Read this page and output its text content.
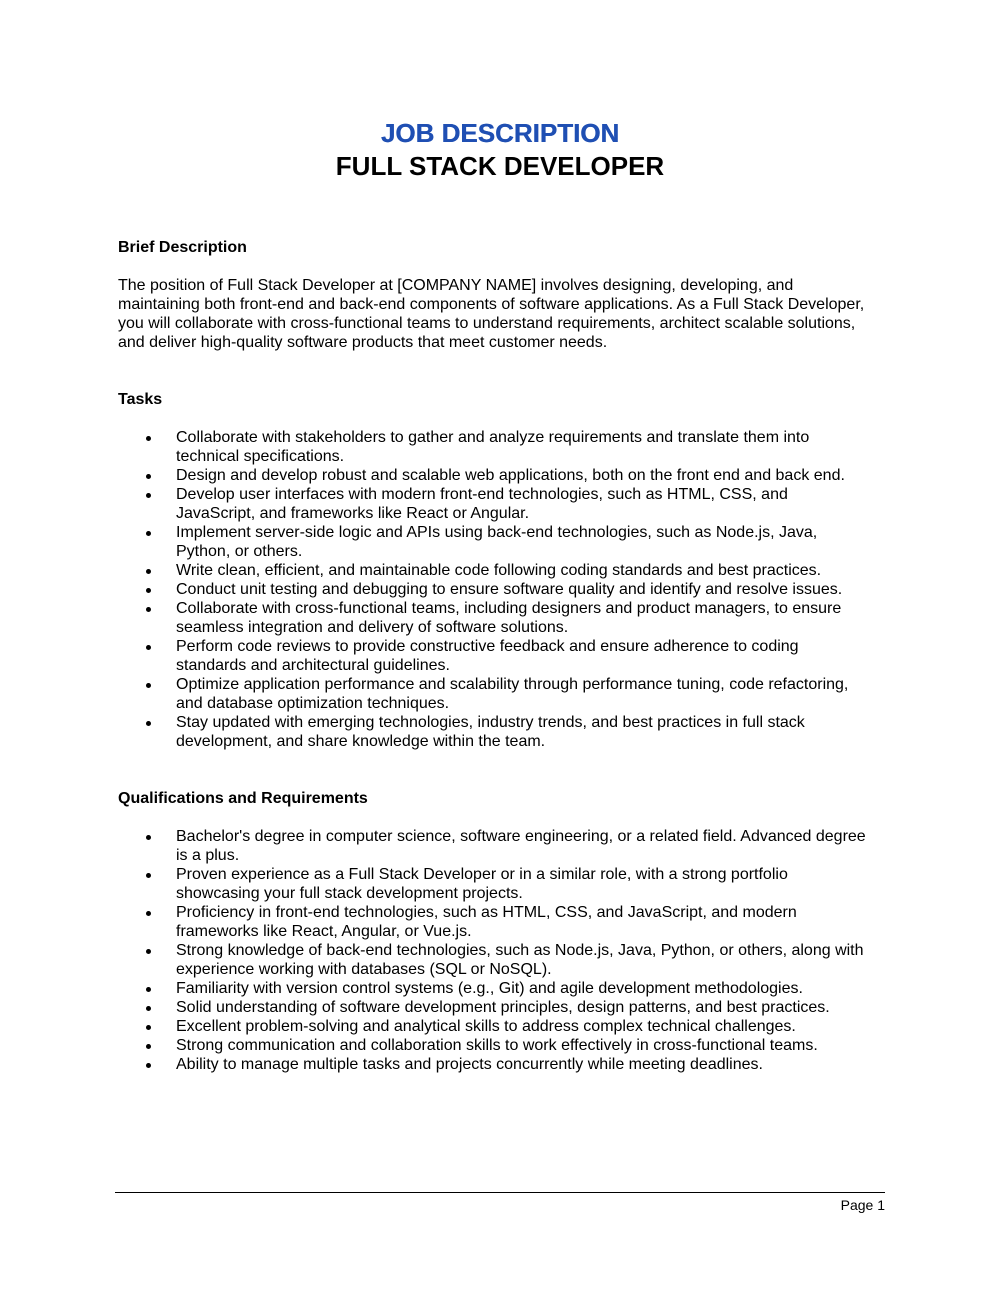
JOB DESCRIPTION
FULL STACK DEVELOPER
Brief Description
The position of Full Stack Developer at [COMPANY NAME] involves designing, developing, and
maintaining both front-end and back-end components of software applications. As a Full Stack Developer,
you will collaborate with cross-functional teams to understand requirements, architect scalable solutions,
and deliver high-quality software products that meet customer needs.
Tasks
Collaborate with stakeholders to gather and analyze requirements and translate them into
technical specifications.
Design and develop robust and scalable web applications, both on the front end and back end.
Develop user interfaces with modern front-end technologies, such as HTML, CSS, and
JavaScript, and frameworks like React or Angular.
Implement server-side logic and APIs using back-end technologies, such as Node.js, Java,
Python, or others.
Write clean, efficient, and maintainable code following coding standards and best practices.
Conduct unit testing and debugging to ensure software quality and identify and resolve issues.
Collaborate with cross-functional teams, including designers and product managers, to ensure
seamless integration and delivery of software solutions.
Perform code reviews to provide constructive feedback and ensure adherence to coding
standards and architectural guidelines.
Optimize application performance and scalability through performance tuning, code refactoring,
and database optimization techniques.
Stay updated with emerging technologies, industry trends, and best practices in full stack
development, and share knowledge within the team.
Qualifications and Requirements
Bachelor's degree in computer science, software engineering, or a related field. Advanced degree
is a plus.
Proven experience as a Full Stack Developer or in a similar role, with a strong portfolio
showcasing your full stack development projects.
Proficiency in front-end technologies, such as HTML, CSS, and JavaScript, and modern
frameworks like React, Angular, or Vue.js.
Strong knowledge of back-end technologies, such as Node.js, Java, Python, or others, along with
experience working with databases (SQL or NoSQL).
Familiarity with version control systems (e.g., Git) and agile development methodologies.
Solid understanding of software development principles, design patterns, and best practices.
Excellent problem-solving and analytical skills to address complex technical challenges.
Strong communication and collaboration skills to work effectively in cross-functional teams.
Ability to manage multiple tasks and projects concurrently while meeting deadlines.
Page 1
